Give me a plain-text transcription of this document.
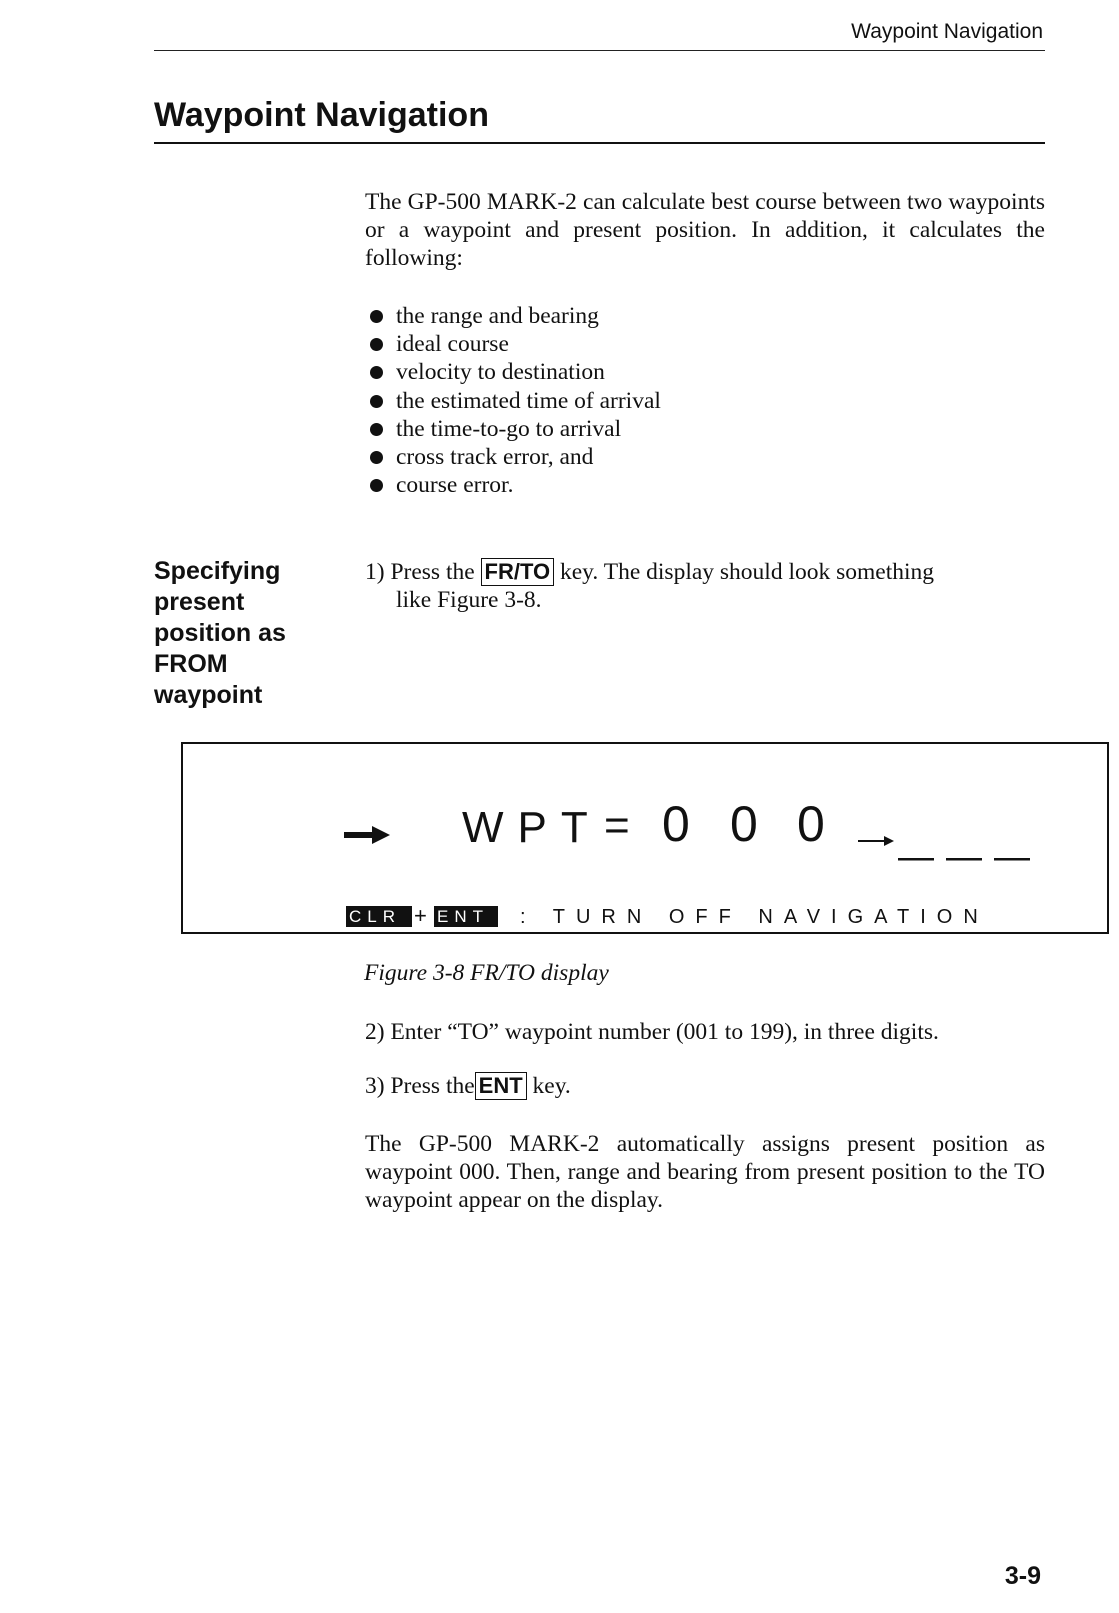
Waypoint Navigation
Waypoint Navigation

The GP-500 MARK-2 can calculate best course between two waypoints or a waypoint and present position. In addition, it calculates the following:

the range and bearing
ideal course
velocity to destination
the estimated time of arrival
the time-to-go to arrival
cross track error, and
course error.
Specifying
present
position as
FROM
waypoint
1) Press the FR/TO key. The display should look something
like Figure 3-8.
WPT = 0 0 0
CLR + ENT	: TURN OFF NAVIGATION
Figure 3-8 FR/TO display
2) Enter “TO” waypoint number (001 to 199), in three digits.
3) Press the ENT key.

The GP-500 MARK-2 automatically assigns present position as waypoint 000. Then, range and bearing from present position to the TO waypoint appear on the display.

3-9
